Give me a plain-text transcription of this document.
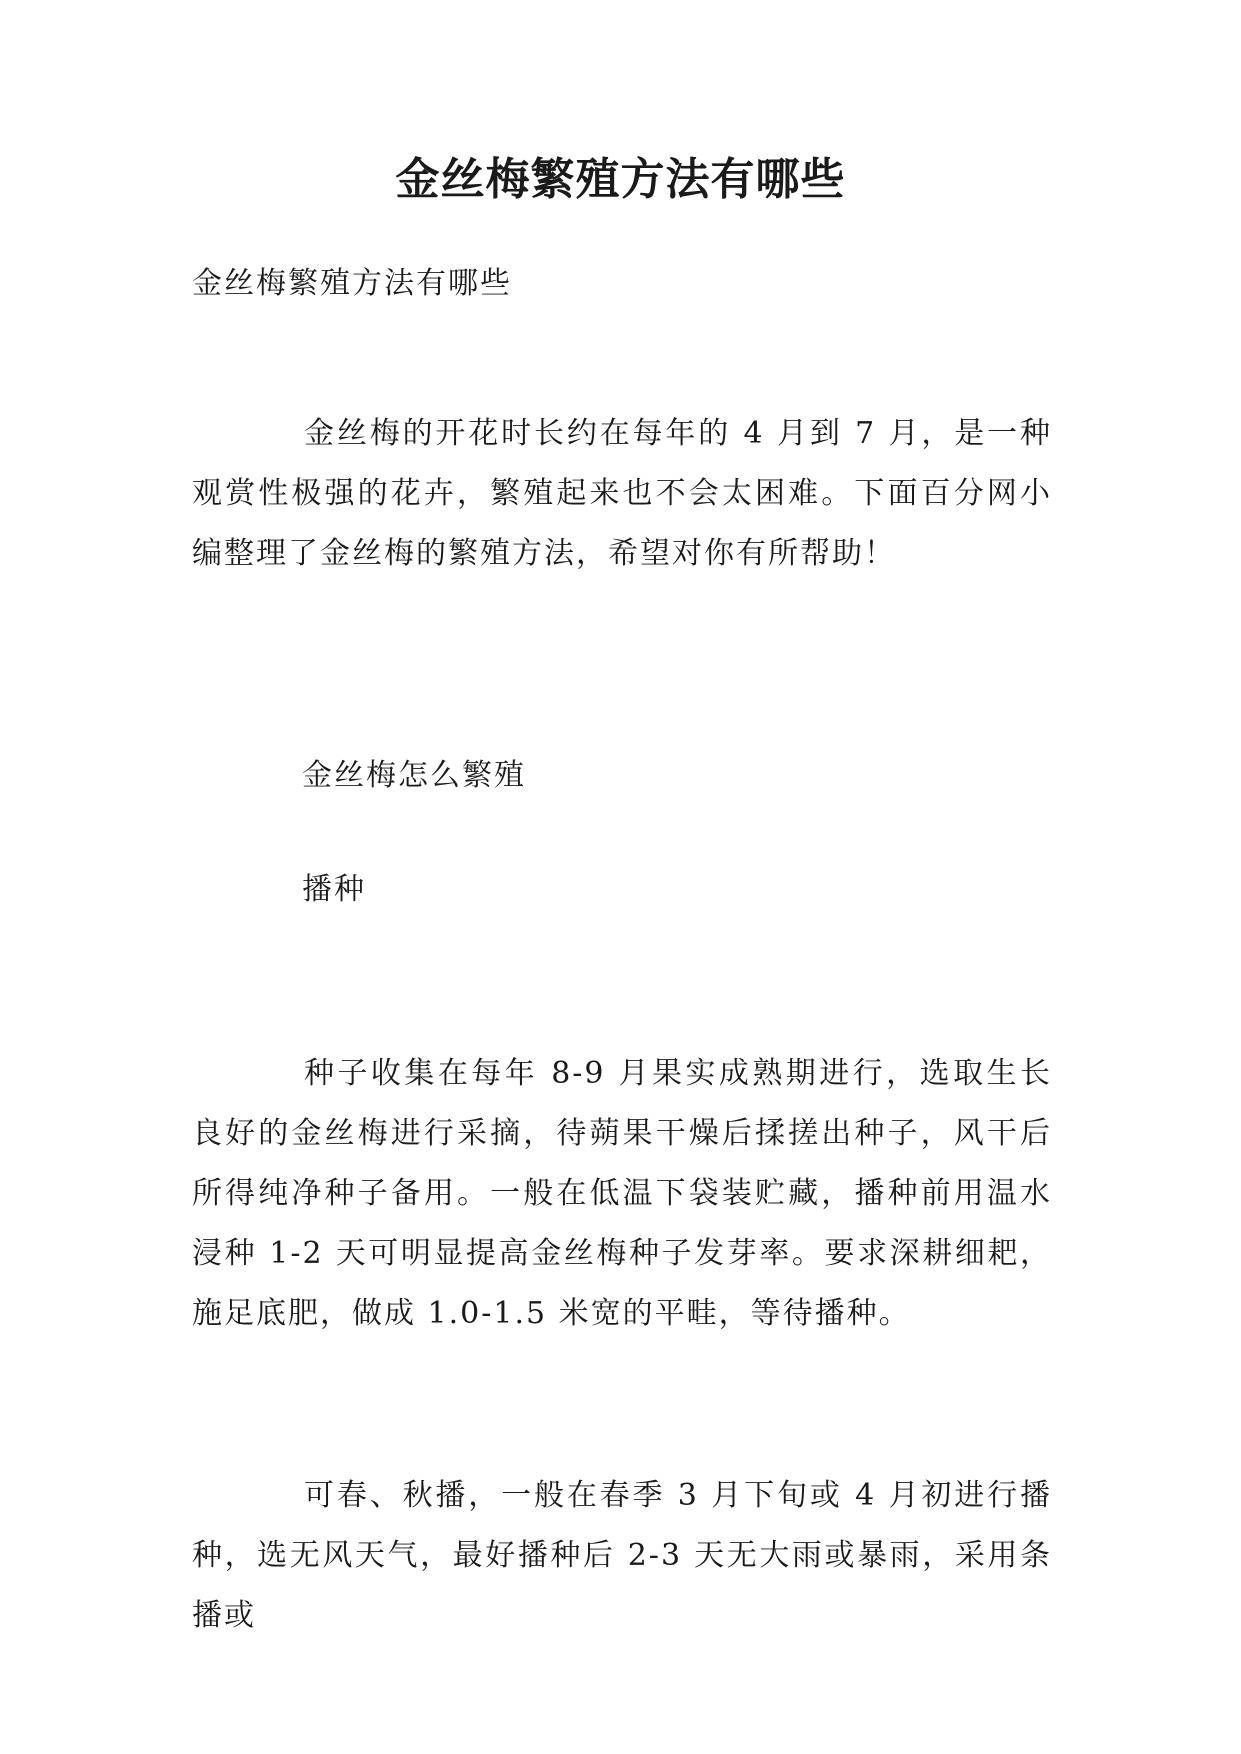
金丝梅繁殖方法有哪些

金丝梅繁殖方法有哪些

金丝梅的开花时长约在每年的 4 月到 7 月，是一种观赏性极强的花卉，繁殖起来也不会太困难。下面百分网小编整理了金丝梅的繁殖方法，希望对你有所帮助！

金丝梅怎么繁殖

播种

种子收集在每年 8-9 月果实成熟期进行，选取生长良好的金丝梅进行采摘，待蒴果干燥后揉搓出种子，风干后所得纯净种子备用。一般在低温下袋装贮藏，播种前用温水浸种 1-2 天可明显提高金丝梅种子发芽率。要求深耕细耙，施足底肥，做成 1.0-1.5 米宽的平畦，等待播种。

可春、秋播，一般在春季 3 月下旬或 4 月初进行播种，选无风天气，最好播种后 2-3 天无大雨或暴雨，采用条播或
